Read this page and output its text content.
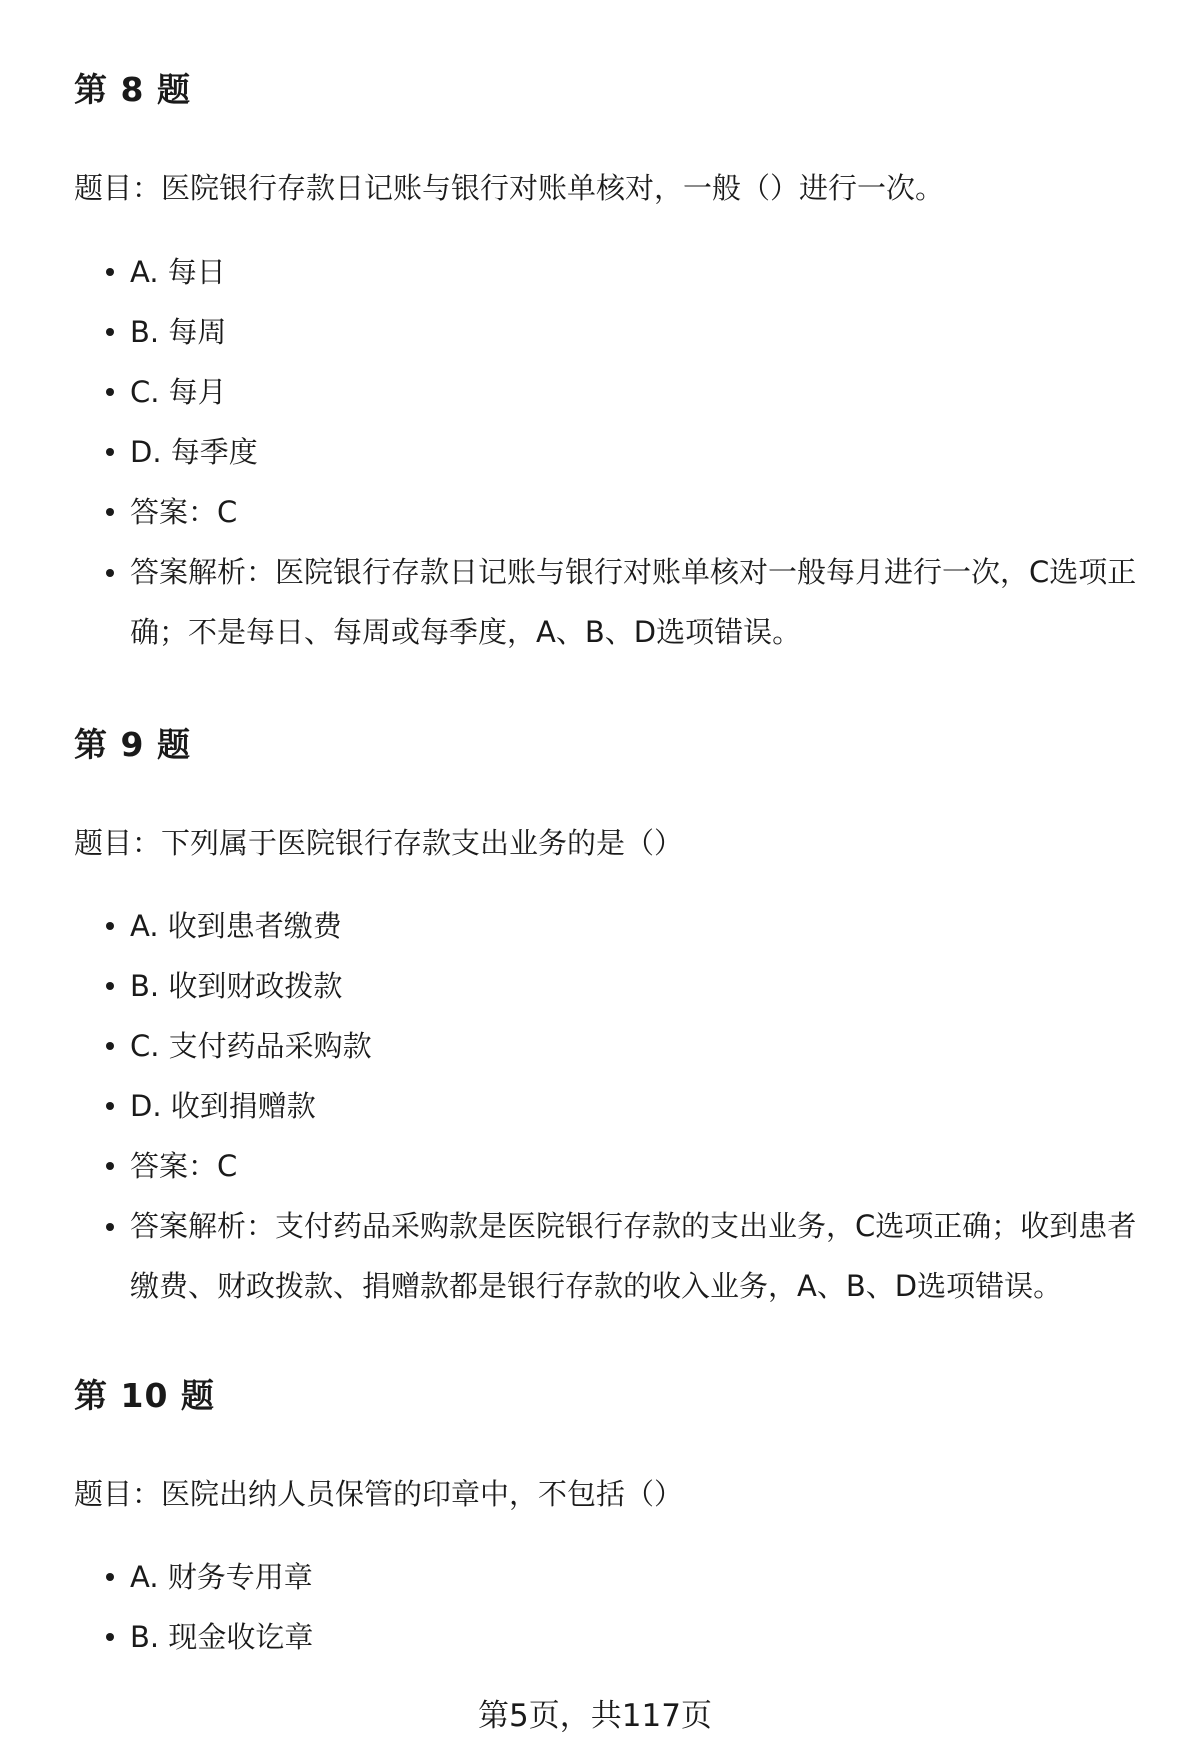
第 8 题

题目：医院银行存款日记账与银行对账单核对，一般（）进行一次。

A. 每日
B. 每周
C. 每月
D. 每季度
答案：C
答案解析：医院银行存款日记账与银行对账单核对一般每月进行一次，C选项正确；不是每日、每周或每季度，A、B、D选项错误。
第 9 题

题目：下列属于医院银行存款支出业务的是（）

A. 收到患者缴费
B. 收到财政拨款
C. 支付药品采购款
D. 收到捐赠款
答案：C
答案解析：支付药品采购款是医院银行存款的支出业务，C选项正确；收到患者缴费、财政拨款、捐赠款都是银行存款的收入业务，A、B、D选项错误。
第 10 题

题目：医院出纳人员保管的印章中，不包括（）

A. 财务专用章
B. 现金收讫章
第5页，共117页
